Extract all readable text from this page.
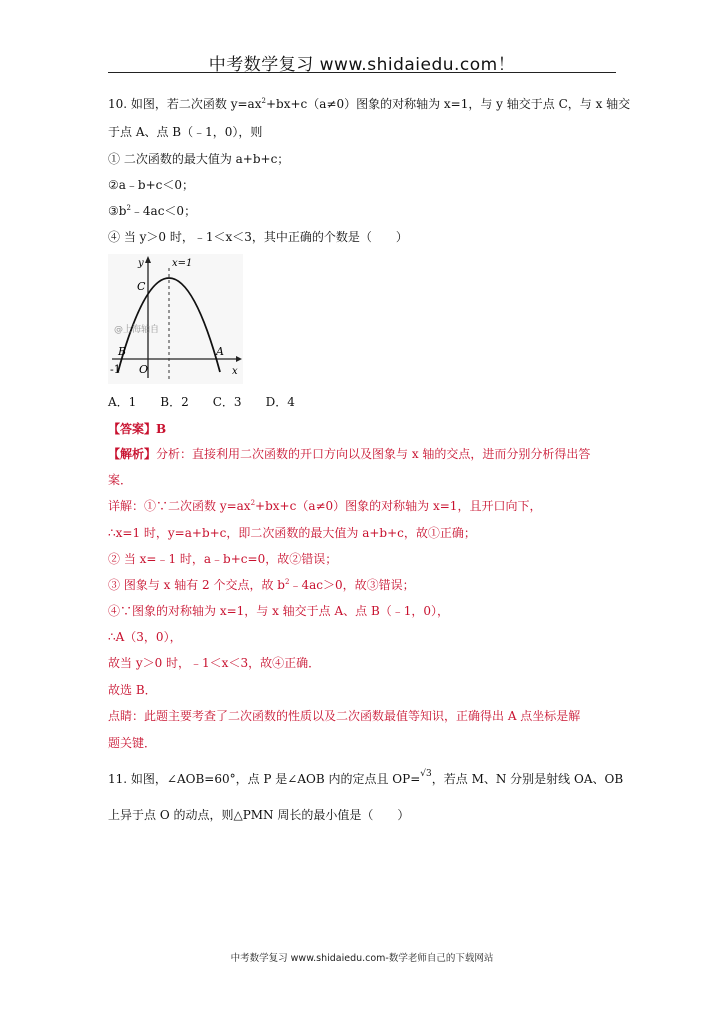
中考数学复习 www.shidaiedu.com！
10. 如图，若二次函数 $y=ax^2+bx+c(a\ne 0)$图象的对称轴为 x=1，与 y 轴交于点 C，与 x 轴交
于点 A、点 B（﹣1，0），则
① 二次函数的最大值为 a+b+c；
②a﹣b+c＜0；
$③b^2﹣4ac<0$；
④ 当 y＞0 时，﹣1＜x＜3，其中正确的个数是（　　）
y	x=1
C
B	A
O
-1	x
@上海轴自
A．1　　B．2　　C．3　　D．4
【答案】B
【解析】分析：直接利用二次函数的开口方向以及图象与 x 轴的交点，进而分别分析得出答
案．
详解：①∵二次函数 $y=ax^2+bx+c(a\ne 0)$图象的对称轴为 x=1，且开口向下，
∴x=1 时，y=a+b+c，即二次函数的最大值为 a+b+c，故①正确；
② 当 x=﹣1 时，a﹣b+c=0，故②错误；
③ 图象与 x 轴有 2 个交点，故 $b^2﹣4ac>0$，故③错误；
④∵图象的对称轴为 x=1，与 x 轴交于点 A、点 B（﹣1，0），
∴A（3，0），
故当 y＞0 时，﹣1＜x＜3，故④正确．
故选 B．
点睛：此题主要考查了二次函数的性质以及二次函数最值等知识，正确得出 A 点坐标是解
题关键．
11. 如图，∠AOB=60°，点 P 是∠AOB 内的定点且 OP=√3，若点 M、N 分别是射线 OA、OB
上异于点 O 的动点，则△PMN 周长的最小值是（　　）
中考数学复习 www.shidaiedu.com-数学老师自己的下载网站
